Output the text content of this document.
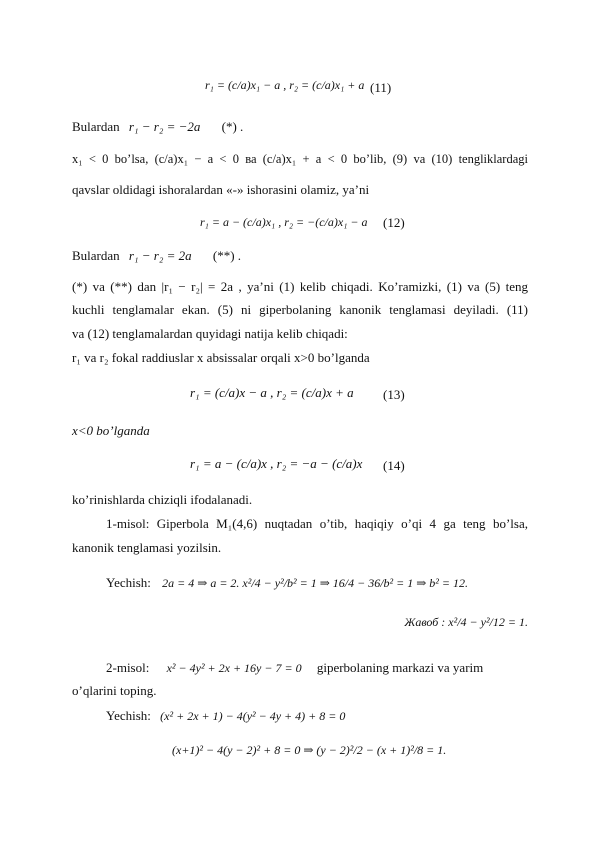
r₁ = (c/a)x₁ − a , r₂ = (c/a)x₁ + a (11)
Bulardan r₁ − r₂ = −2a (*) .
x₁ < 0 bo’lsa, (c/a)x₁ − a < 0 ва (c/a)x₁ + a < 0 bo’lib, (9) va (10) tengliklardagi
qavslar oldidagi ishoralardan «-» ishorasini olamiz, ya’ni
r₁ = a − (c/a)x₁ , r₂ = −(c/a)x₁ − a (12)
Bulardan r₁ − r₂ = 2a (**) .
(*) va (**) dan |r₁ − r₂| = 2a , ya’ni (1) kelib chiqadi. Ko’ramizki, (1) va (5) teng
kuchli tenglamalar ekan. (5) ni giperbolaning kanonik tenglamasi deyiladi. (11)
va (12) tenglamalardan quyidagi natija kelib chiqadi:
r₁ va r₂ fokal raddiuslar x absissalar orqali x>0 bo’lganda
r₁ = (c/a)x − a , r₂ = (c/a)x + a (13)
x<0 bo’lganda
r₁ = a − (c/a)x , r₂ = −a − (c/a)x (14)
ko’rinishlarda chiziqli ifodalanadi.
1-misol: Giperbola M₁(4,6) nuqtadan o’tib, haqiqiy o’qi 4 ga teng bo’lsa,
kanonik tenglamasi yozilsin.
Yechish: 2a = 4 ⇒ a = 2. x²/4 − y²/b² = 1 ⇒ 16/4 − 36/b² = 1 ⇒ b² = 12.
Жавоб : x²/4 − y²/12 = 1.
2-misol: x² − 4y² + 2x + 16y − 7 = 0 giperbolaning markazi va yarim
o’qlarini toping.
Yechish: (x² + 2x + 1) − 4(y² − 4y + 4) + 8 = 0
(x+1)² − 4(y − 2)² + 8 = 0 ⇒ (y − 2)²/2 − (x + 1)²/8 = 1.
